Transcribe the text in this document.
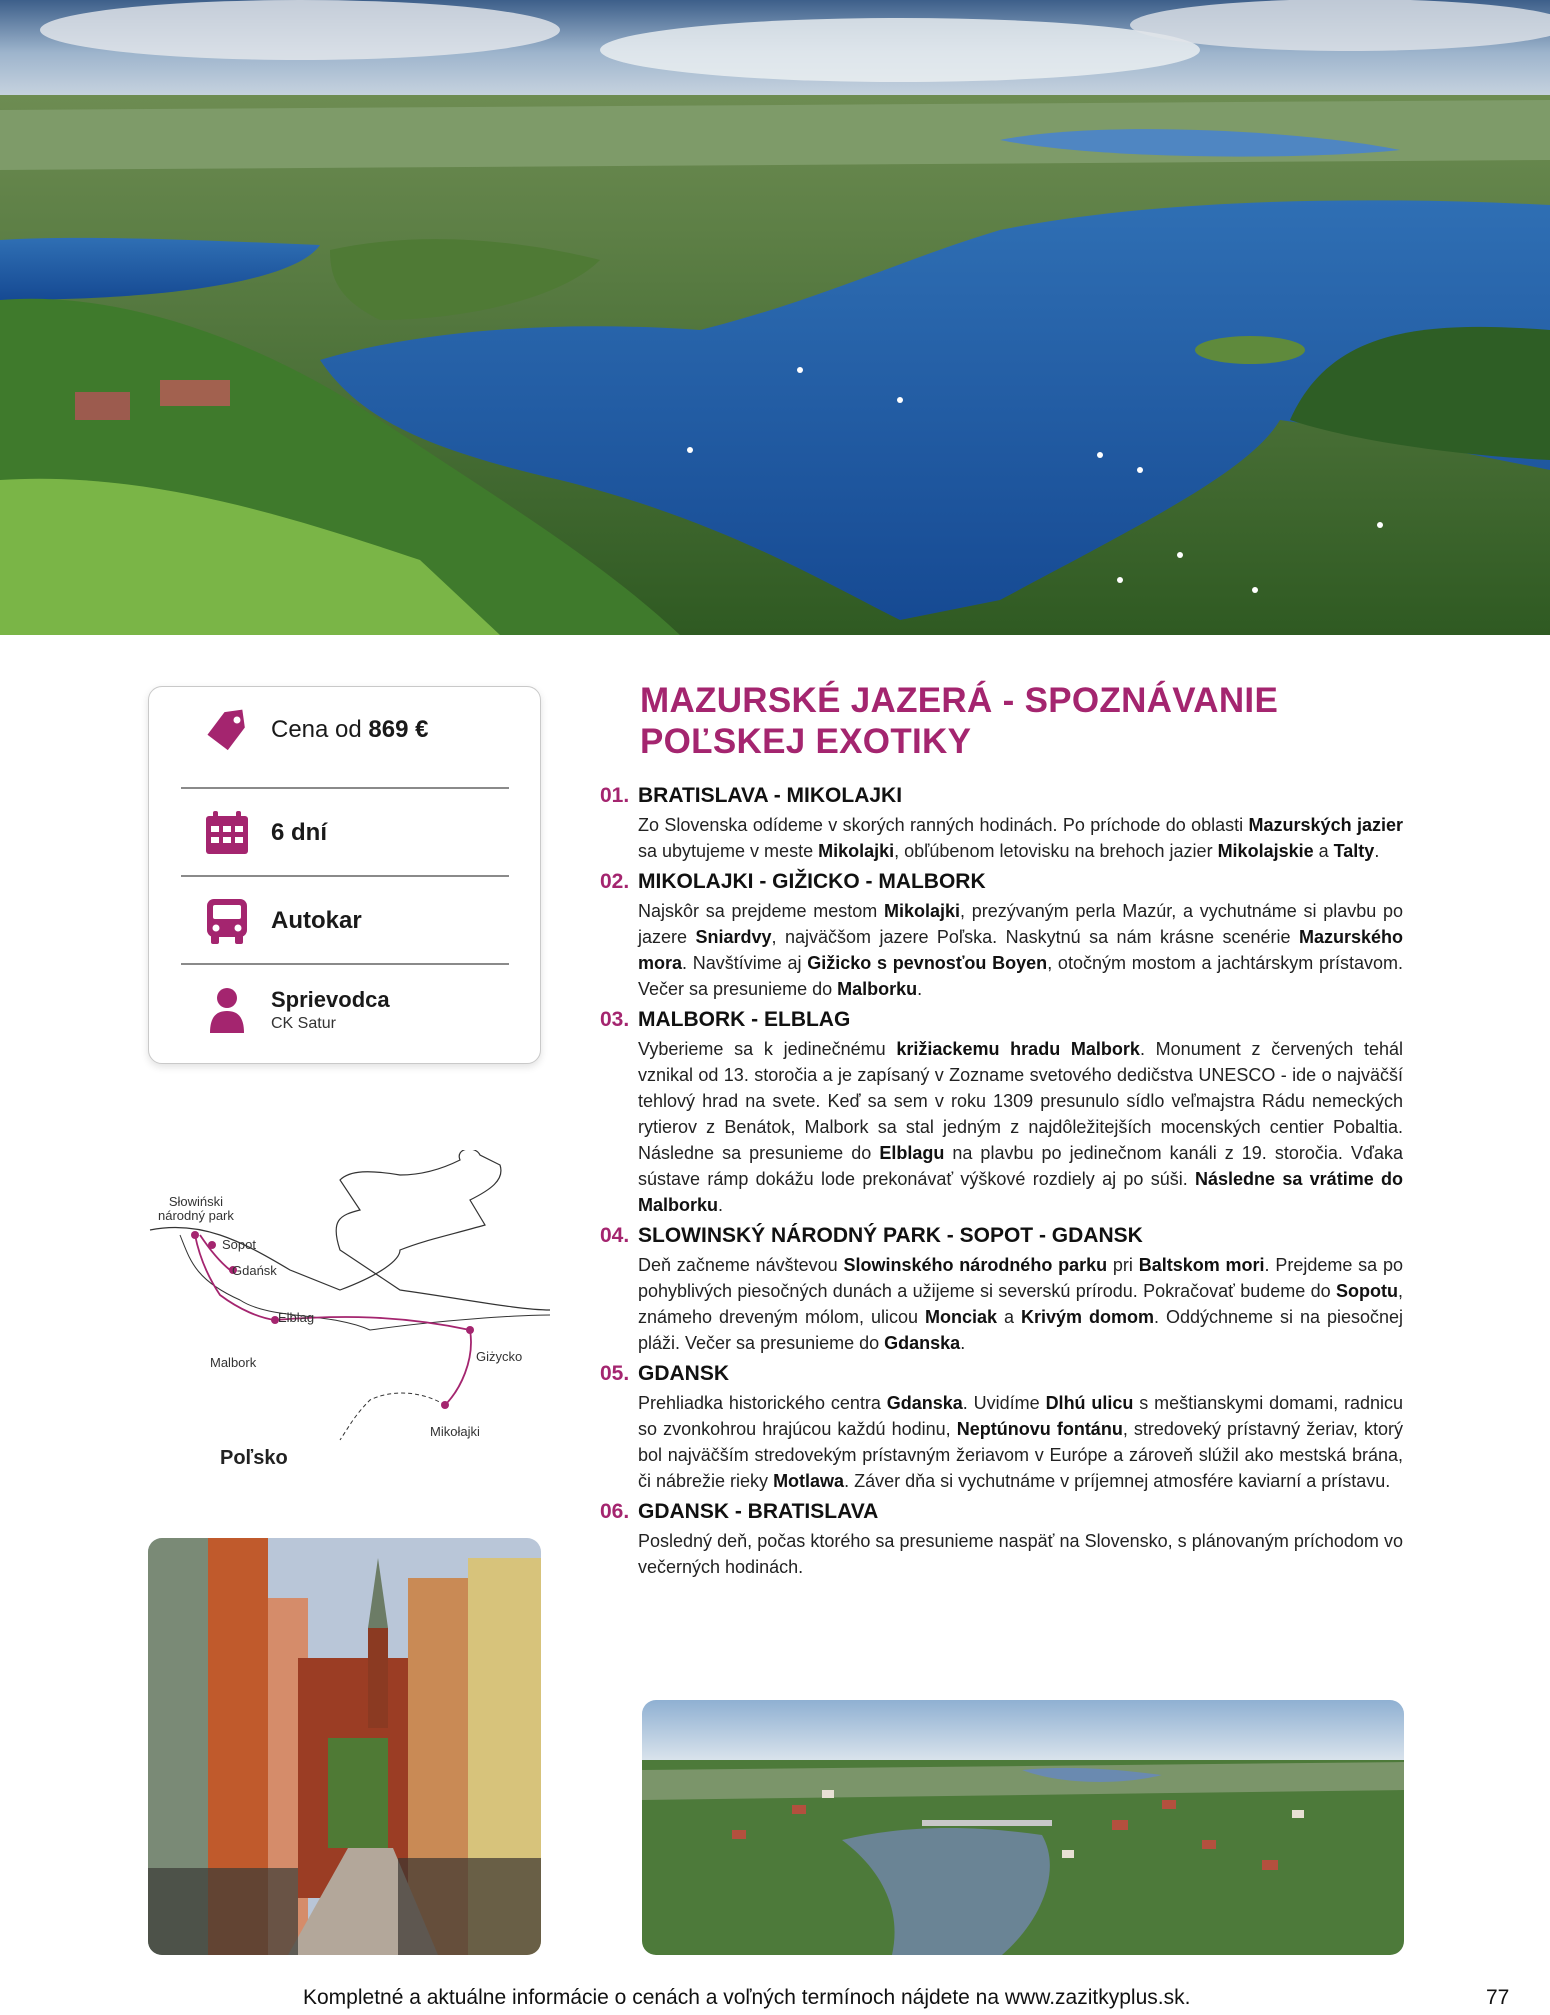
Cena od 869 €
6 dní
Autokar
Sprievodca
CK Satur
Słowiński
národný park
Sopot
Gdańsk
Elblag
Malbork	Giżycko
Mikołajki
Poľsko
MAZURSKÉ JAZERÁ - SPOZNÁVANIE
POĽSKEJ EXOTIKY
01. BRATISLAVA - MIKOLAJKI
Zo Slovenska odídeme v skorých ranných hodinách. Po príchode do oblasti Mazurských jazier sa ubytujeme v meste Mikolajki, obľúbenom letovisku na brehoch jazier Mikolajskie a Talty.
02. MIKOLAJKI - GIŽICKO - MALBORK
Najskôr sa prejdeme mestom Mikolajki, prezývaným perla Mazúr, a vychutnáme si plavbu po jazere Sniardvy, najväčšom jazere Poľska. Naskytnú sa nám krásne scenérie Mazurského mora. Navštívime aj Gižicko s pevnosťou Boyen, otočným mostom a jachtárskym prístavom. Večer sa presunieme do Malborku.
03. MALBORK - ELBLAG
Vyberieme sa k jedinečnému križiackemu hradu Malbork. Monument z červených tehál vznikal od 13. storočia a je zapísaný v Zozname svetového dedičstva UNESCO - ide o najväčší tehlový hrad na svete. Keď sa sem v roku 1309 presunulo sídlo veľmajstra Rádu nemeckých rytierov z Benátok, Malbork sa stal jedným z najdôležitejších mocenských centier Pobaltia. Následne sa presunieme do Elblagu na plavbu po jedinečnom kanáli z 19. storočia. Vďaka sústave rámp dokážu lode prekonávať výškové rozdiely aj po súši. Následne sa vrátime do Malborku.
04. SLOWINSKÝ NÁRODNÝ PARK - SOPOT - GDANSK
Deň začneme návštevou Slowinského národného parku pri Baltskom mori. Prejdeme sa po pohyblivých piesočných dunách a užijeme si severskú prírodu. Pokračovať budeme do Sopotu, známeho dreveným mólom, ulicou Monciak a Krivým domom. Oddýchneme si na piesočnej pláži. Večer sa presunieme do Gdanska.
05. GDANSK
Prehliadka historického centra Gdanska. Uvidíme Dlhú ulicu s meštianskymi domami, radnicu so zvonkohrou hrajúcou každú hodinu, Neptúnovu fontánu, stredoveký prístavný žeriav, ktorý bol najväčším stredovekým prístavným žeriavom v Európe a zároveň slúžil ako mestská brána, či nábrežie rieky Motlawa. Záver dňa si vychutnáme v príjemnej atmosfére kaviarní a prístavu.
06. GDANSK - BRATISLAVA
Posledný deň, počas ktorého sa presunieme naspäť na Slovensko, s plánovaným príchodom vo večerných hodinách.
Kompletné a aktuálne informácie o cenách a voľných termínoch nájdete na www.zazitkyplus.sk.	77
